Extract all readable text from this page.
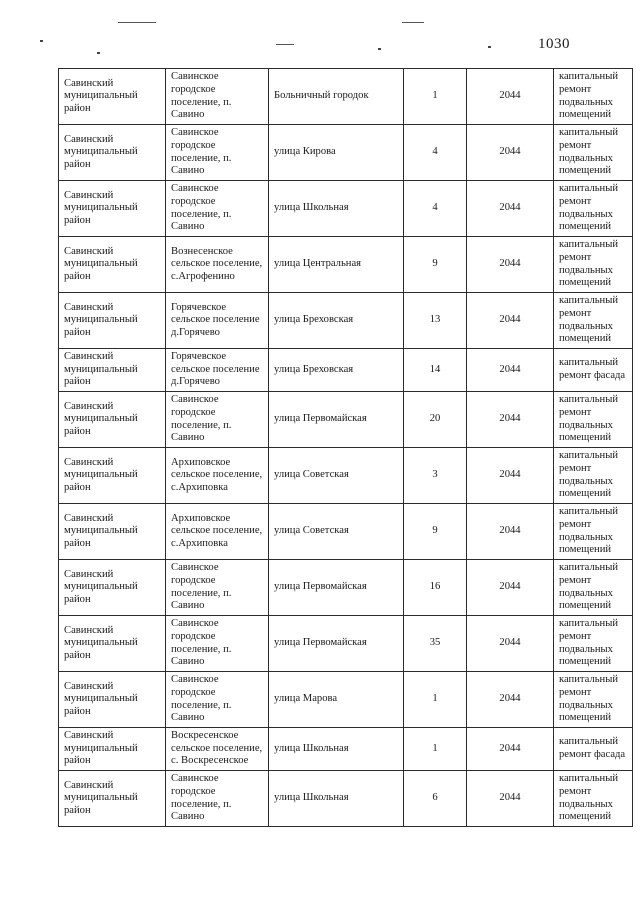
1030
Савинский муниципальный район	Савинское городское поселение, п. Савино	Больничный городок	1	2044	капитальный ремонт подвальных помещений
Савинский муниципальный район	Савинское городское поселение, п. Савино	улица Кирова	4	2044	капитальный ремонт подвальных помещений
Савинский муниципальный район	Савинское городское поселение, п. Савино	улица Школьная	4	2044	капитальный ремонт подвальных помещений
Савинский муниципальный район	Вознесенское сельское поселение, с.Агрофенино	улица Центральная	9	2044	капитальный ремонт подвальных помещений
Савинский муниципальный район	Горячевское сельское поселение д.Горячево	улица Бреховская	13	2044	капитальный ремонт подвальных помещений
Савинский муниципальный район	Горячевское сельское поселение д.Горячево	улица Бреховская	14	2044	капитальный ремонт фасада
Савинский муниципальный район	Савинское городское поселение, п. Савино	улица Первомайская	20	2044	капитальный ремонт подвальных помещений
Савинский муниципальный район	Архиповское сельское поселение, с.Архиповка	улица Советская	3	2044	капитальный ремонт подвальных помещений
Савинский муниципальный район	Архиповское сельское поселение, с.Архиповка	улица Советская	9	2044	капитальный ремонт подвальных помещений
Савинский муниципальный район	Савинское городское поселение, п. Савино	улица Первомайская	16	2044	капитальный ремонт подвальных помещений
Савинский муниципальный район	Савинское городское поселение, п. Савино	улица Первомайская	35	2044	капитальный ремонт подвальных помещений
Савинский муниципальный район	Савинское городское поселение, п. Савино	улица Марова	1	2044	капитальный ремонт подвальных помещений
Савинский муниципальный район	Воскресенское сельское поселение, с. Воскресенское	улица Школьная	1	2044	капитальный ремонт фасада
Савинский муниципальный район	Савинское городское поселение, п. Савино	улица Школьная	6	2044	капитальный ремонт подвальных помещений
